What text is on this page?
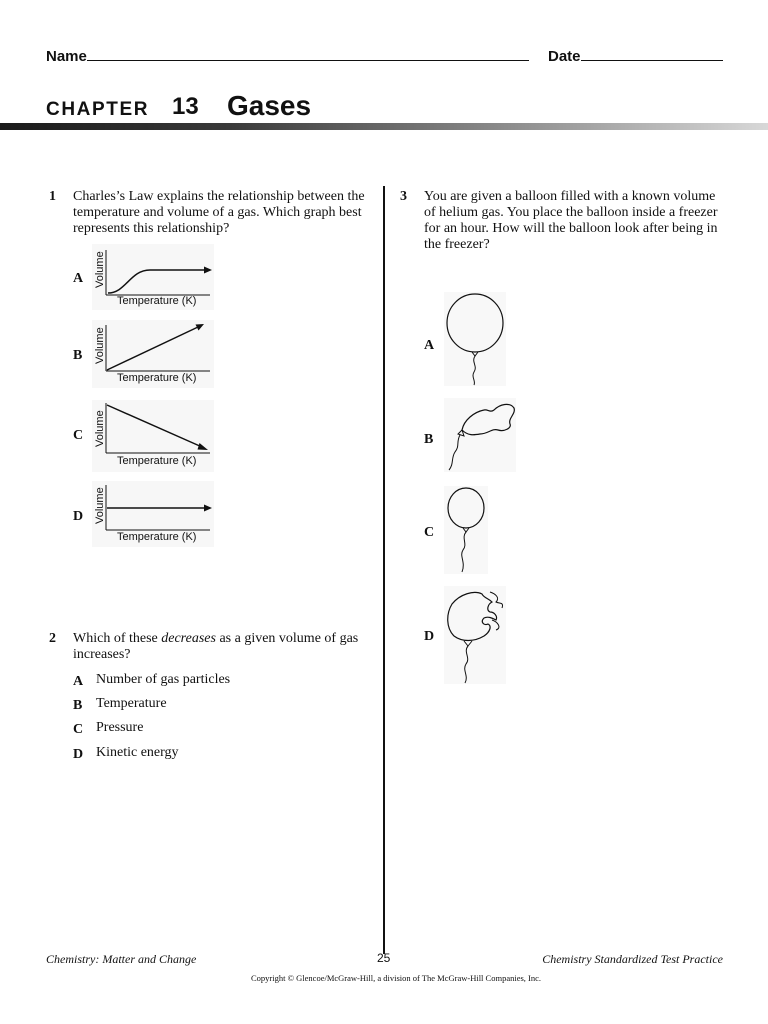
Name	Date
CHAPTER 13 Gases
1 Charles’s Law explains the relationship between the
temperature and volume of a gas. Which graph best
represents this relationship?
A Volume
Temperature (K)
B Volume
Temperature (K)
C Volume
Temperature (K)
D Volume
Temperature (K)
2 Which of these decreases as a given volume of gas
increases?
A Number of gas particles
B Temperature
C Pressure
D Kinetic energy
3 You are given a balloon filled with a known volume
of helium gas. You place the balloon inside a freezer
for an hour. How will the balloon look after being in
the freezer?
A
B
C
D
Chemistry: Matter and Change	25	Chemistry Standardized Test Practice
Copyright © Glencoe/McGraw-Hill, a division of The McGraw-Hill Companies, Inc.
